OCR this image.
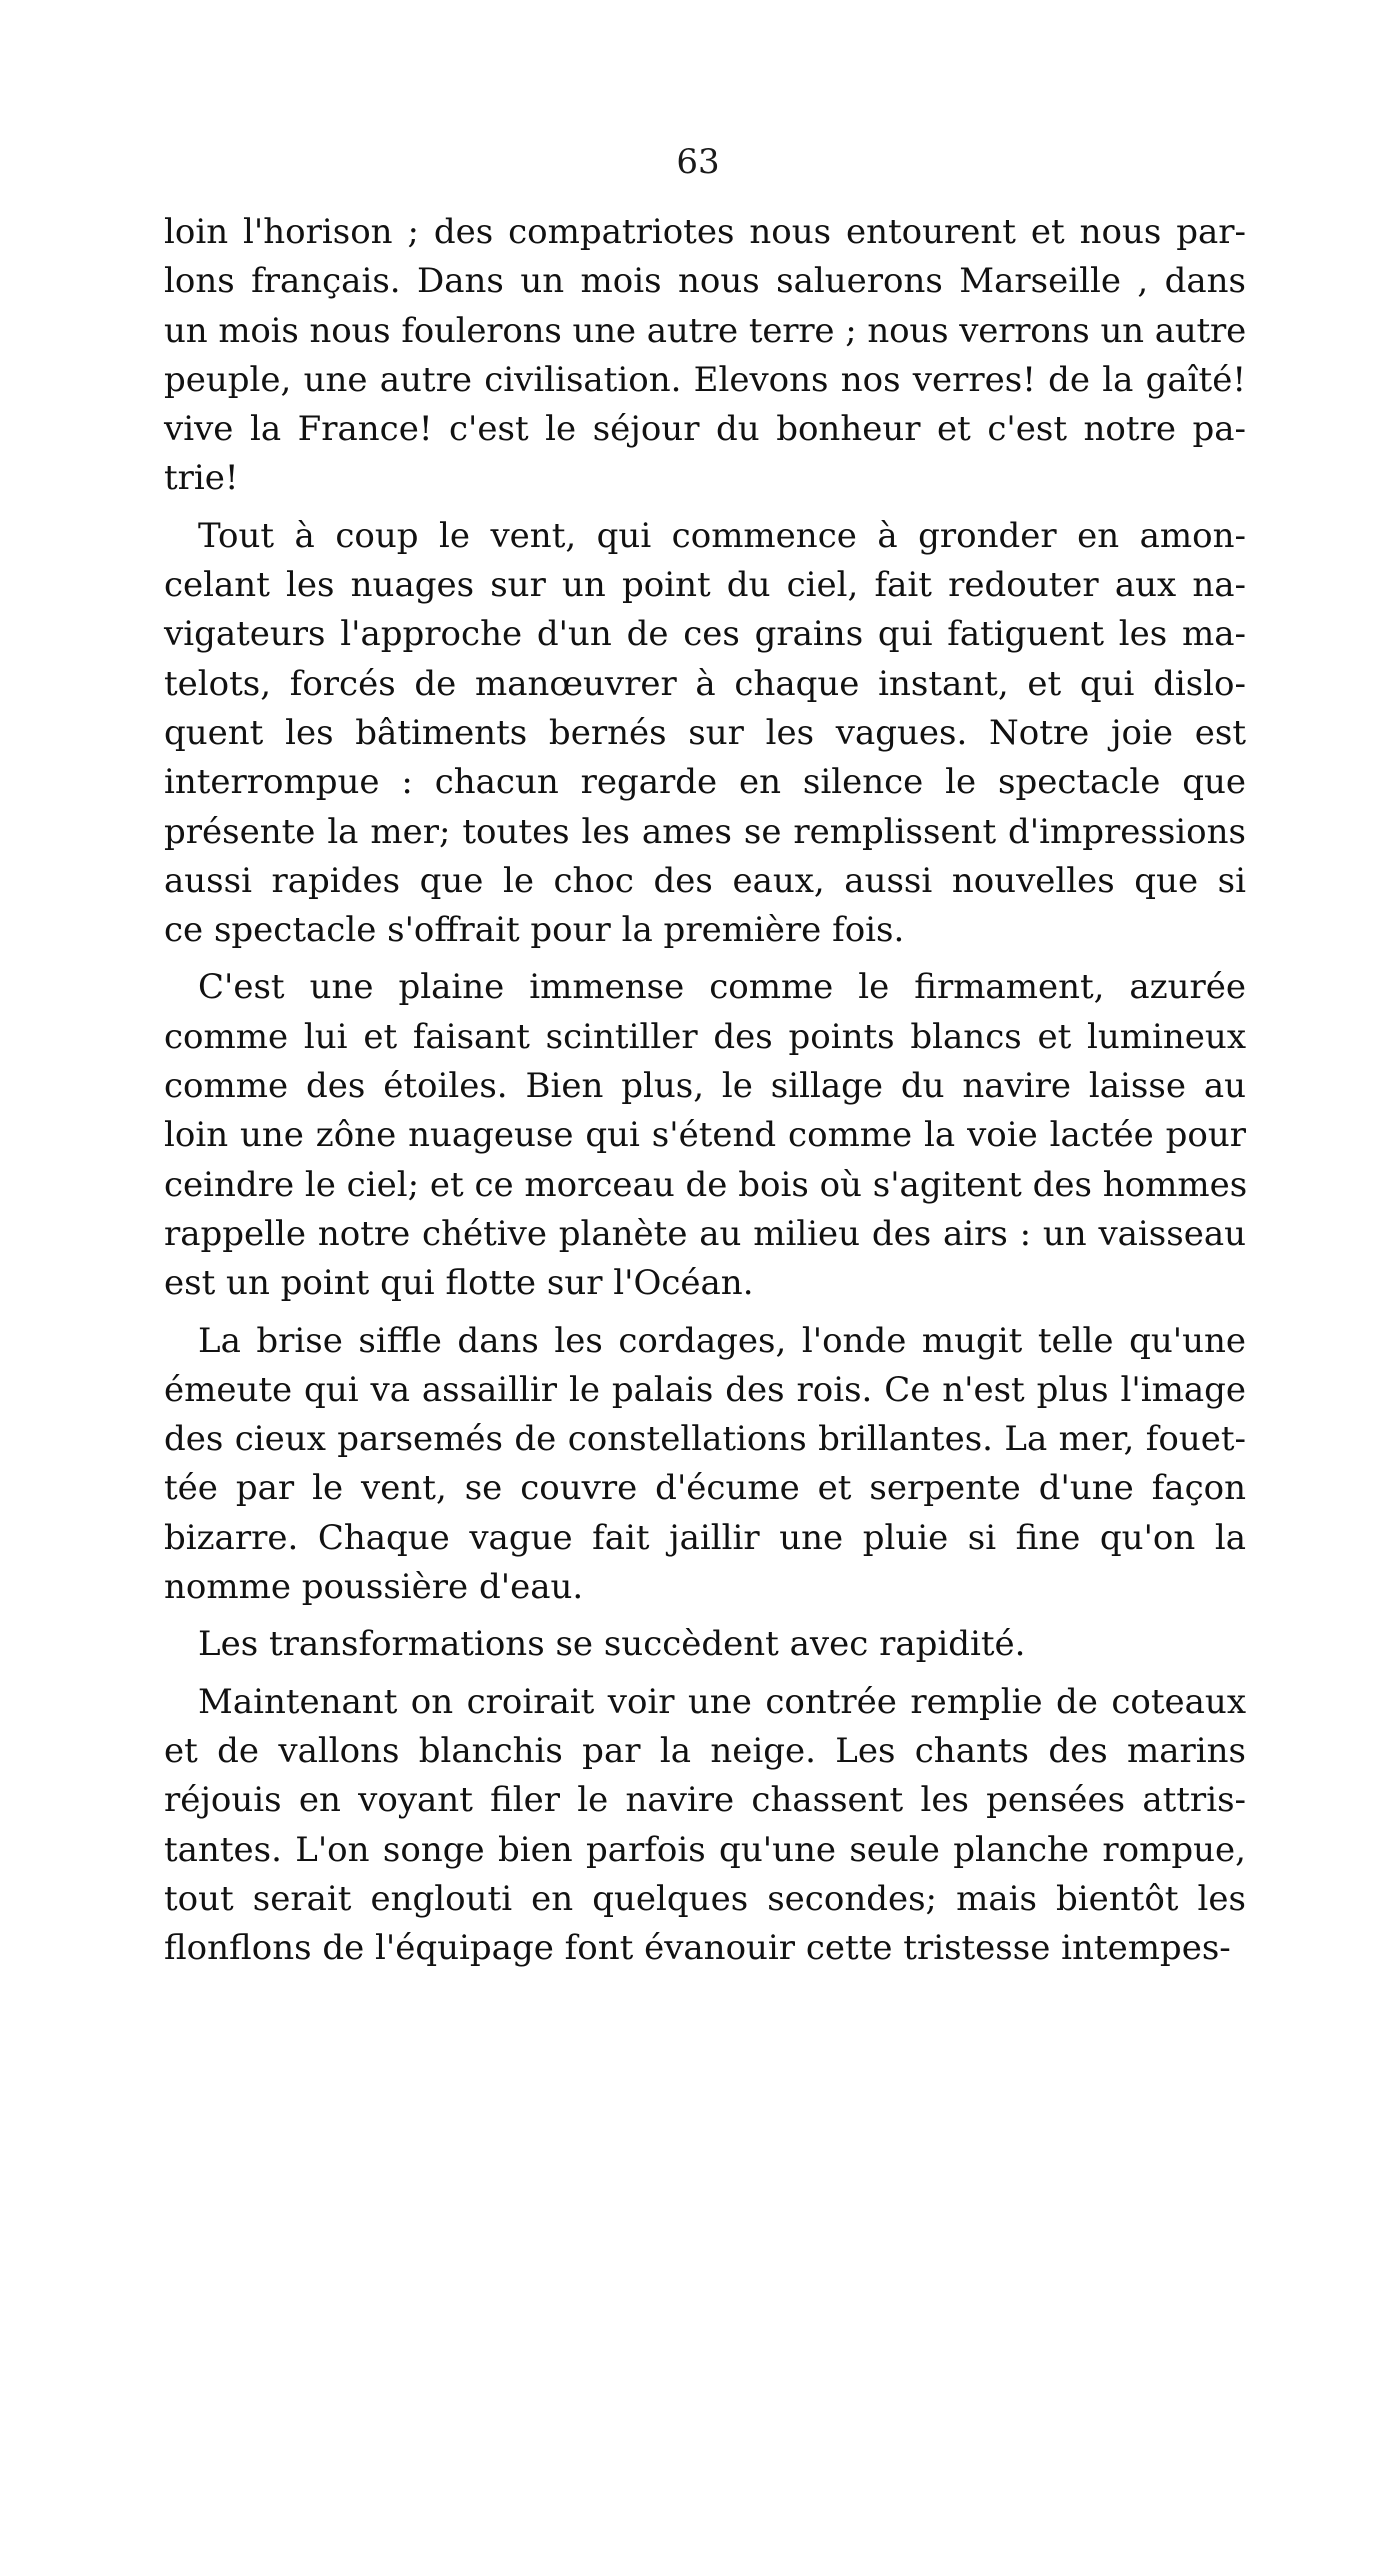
63
loin l'horison ; des compatriotes nous entourent et nous par-
lons français. Dans un mois nous saluerons Marseille , dans
un mois nous foulerons une autre terre ; nous verrons un autre
peuple, une autre civilisation. Elevons nos verres! de la gaîté!
vive la France! c'est le séjour du bonheur et c'est notre pa-
trie!
Tout à coup le vent, qui commence à gronder en amon-
celant les nuages sur un point du ciel, fait redouter aux na-
vigateurs l'approche d'un de ces grains qui fatiguent les ma-
telots, forcés de manœuvrer à chaque instant, et qui dislo-
quent les bâtiments bernés sur les vagues. Notre joie est
interrompue : chacun regarde en silence le spectacle que
présente la mer; toutes les ames se remplissent d'impressions
aussi rapides que le choc des eaux, aussi nouvelles que si
ce spectacle s'offrait pour la première fois.
C'est une plaine immense comme le firmament, azurée
comme lui et faisant scintiller des points blancs et lumineux
comme des étoiles. Bien plus, le sillage du navire laisse au
loin une zône nuageuse qui s'étend comme la voie lactée pour
ceindre le ciel; et ce morceau de bois où s'agitent des hommes
rappelle notre chétive planète au milieu des airs : un vaisseau
est un point qui flotte sur l'Océan.
La brise siffle dans les cordages, l'onde mugit telle qu'une
émeute qui va assaillir le palais des rois. Ce n'est plus l'image
des cieux parsemés de constellations brillantes. La mer, fouet-
tée par le vent, se couvre d'écume et serpente d'une façon
bizarre. Chaque vague fait jaillir une pluie si fine qu'on la
nomme poussière d'eau.
Les transformations se succèdent avec rapidité.
Maintenant on croirait voir une contrée remplie de coteaux
et de vallons blanchis par la neige. Les chants des marins
réjouis en voyant filer le navire chassent les pensées attris-
tantes. L'on songe bien parfois qu'une seule planche rompue,
tout serait englouti en quelques secondes; mais bientôt les
flonflons de l'équipage font évanouir cette tristesse intempes-
